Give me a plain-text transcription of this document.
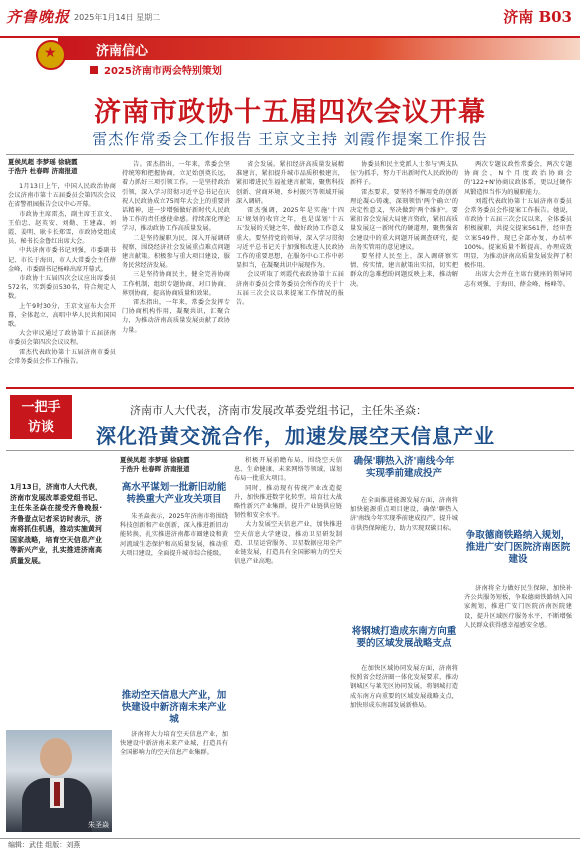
齐鲁晚报 2025年1月14日 星期二	济南 B03
★
济南信心
2025济南市两会特别策划
济南市政协十五届四次会议开幕
雷杰作常委会工作报告 王京文主持 刘霞作提案工作报告
夏侯凤超 李梦瑶 徐晓霞
于浩升 杜春晖 济南报道

1月13日上午，中国人民政治协商会议济南市第十五届委员会第四次会议在省警祖园报告会议中心开幕。

市政协主席雷杰，副主席王京文、王伯忠、赵英安、刘勤、王建森、刘霞、姜明、耿卡长郑雪，市政协党组成员、秘书长金鲁红出席大会。

中共济南市委书记刘强，市委副书记、市长于海田，市人大常委会主任薛金峰，市委副书记杨峰出席开幕式。

市政协十五届四次会议应出席委员572名，实到委员530名，符合规定人数。

上午9时30分，王京文宣布大会开幕，全体起立，高唱中华人民共和国国歌。

大会审议通过了政协第十五届济南市委员会第四次会议议程。

雷杰代表政协第十五届济南市委员会常务委员会作工作报告。

告。雷杰指出，一年来，常委会坚持统筹和把握协商，立足始创奠长远，着力抓好三项引领工作。一是坚持政治引领，深入学习贯彻习近平总书记在庆祝人民政协成立75周年大会上的重要讲话精神，进一步增强做好新时代人民政协工作的责任感使命感。持续深化理论学习，推动政协工作高质量发展。

二是坚持履职为民，深入开展调研视察，围绕经济社会发展重点难点问题建言献策。积极参与重大项目建设，服务民营经济发展。

三是坚持协商民主，健全完善协商工作机制，组织专题协商、对口协商、界别协商，提高协商质量和效果。

雷杰指出，一年来，常委会发挥专门协商机构作用，凝聚共识，汇聚合力，为推动济南高质量发展贡献了政协力量。

省会发展。紧扣经济高质量发展精准建言，紧扣提升城市品质积极建言，紧扣增进民生福祉建言献策，聚焦科技创新、营商环境、乡村振兴等领域开展深入调研。

雷杰强调，2025年是实施'十四五'规划的收官之年，也是谋划'十五五'发展的关键之年，做好政协工作意义重大。要坚持党的领导，深入学习贯彻习近平总书记关于加强和改进人民政协工作的重要思想，在服务中心工作中彰显担当，在凝聚共识中展现作为。

会议听取了刘霞代表政协第十五届济南市委员会常务委员会所作的关于十五届三次会议以来提案工作情况的报告。

协委员和民主党派人士参与'两支队伍'为抓手，努力干出新时代人民政协的新样子。

雷杰要求，要坚持不懈用党的创新理论凝心铸魂，深刻领悟'两个确立'的决定性意义，坚决做到'两个维护'。要紧扣省会发展大局建言资政，紧扣高质量发展这一新时代的硬道理，聚焦强省会建设中的重大问题开展调查研究，提出务实管用的意见建议。

要坚持人民至上，深入调研察实情、传实情，建言献策出实招，切实把群众的急难愁盼问题反映上来，推动解决。

两次专题议政性常委会，两次专题协商会，N个月度政治协商会的'122+N'协商议政体系，更以过硬作风锻造担当作为的履职能力。

刘霞代表政协第十五届济南市委员会常务委员会作提案工作报告。她说，市政协十五届三次会议以来，全体委员积极履职，共提交提案561件，经审查立案549件，现已全部办复，办结率100%。提案质量不断提高，办理成效明显，为推动济南高质量发展发挥了积极作用。

出席大会并在主席台就座的领导同志有刘强、于海田、薛金峰、杨峰等。

一把手
访谈
济南市人大代表，济南市发展改革委党组书记，主任朱圣焱：
深化沿黄交流合作，加速发展空天信息产业
1月13日，济南市人大代表，济南市发展改革委党组书记、主任朱圣焱在接受齐鲁晚报·齐鲁壹点记者采访时表示，济南将抓住机遇，推动实施黄河国家战略，培育空天信息产业等新兴产业，扎实推进济南高质量发展。
朱圣焱
夏侯凤超 李梦瑶 徐晓霞
于浩升 杜春晖 济南报道
高水平谋划一批新旧动能转换重大产业攻关项目

朱圣焱表示，2025年济南市将围绕科技创新和产业创新，深入推进新旧动能转换，扎实推进济南都市圈建设和黄河流域生态保护和高质量发展，推动重大项目建设，全面提升城市综合能级。

推动空天信息大产业，加快建设中新济南未来产业城

济南将大力培育空天信息产业，加快建设中新济南未来产业城，打造具有全国影响力的空天信息产业集群。

积极开展前瞻布局，围绕空天信息、生命健康、未来网络等领域，谋划布局一批重大项目。

同时，推动现有传统产业改造提升，加快推进数字化转型，培育壮大战略性新兴产业集群，提升产业链供应链韧性和安全水平。

大力发展空天信息产业，加快推进空天信息大学建设，推动卫星研发制造、卫星运营服务、卫星数据应用全产业链发展，打造具有全国影响力的空天信息产业高地。

确保'聊热入济'南线今年实现季前建成投产

在全面推进能源发展方面，济南将加快能源重点项目建设，确保'聊热入济'南线今年实现季前建成投产，提升城市供热保障能力，助力实现双碳目标。

将钢城打造成东南方向重要的区域发展战略支点

在加快区域协同发展方面，济南将按照省会经济圈一体化发展要求，推动钢城区与莱芜区协同发展，将钢城打造成东南方向重要的区域发展战略支点，加快形成东南部发展新格局。

争取德商铁路纳入规划，推进广安门医院济南医院建设

济南将全力做好民生保障，加快补齐公共服务短板，争取德商铁路纳入国家规划，推进广安门医院济南医院建设，提升区域医疗服务水平，不断增强人民群众获得感幸福感安全感。

编辑：武佳 组版：刘燕
